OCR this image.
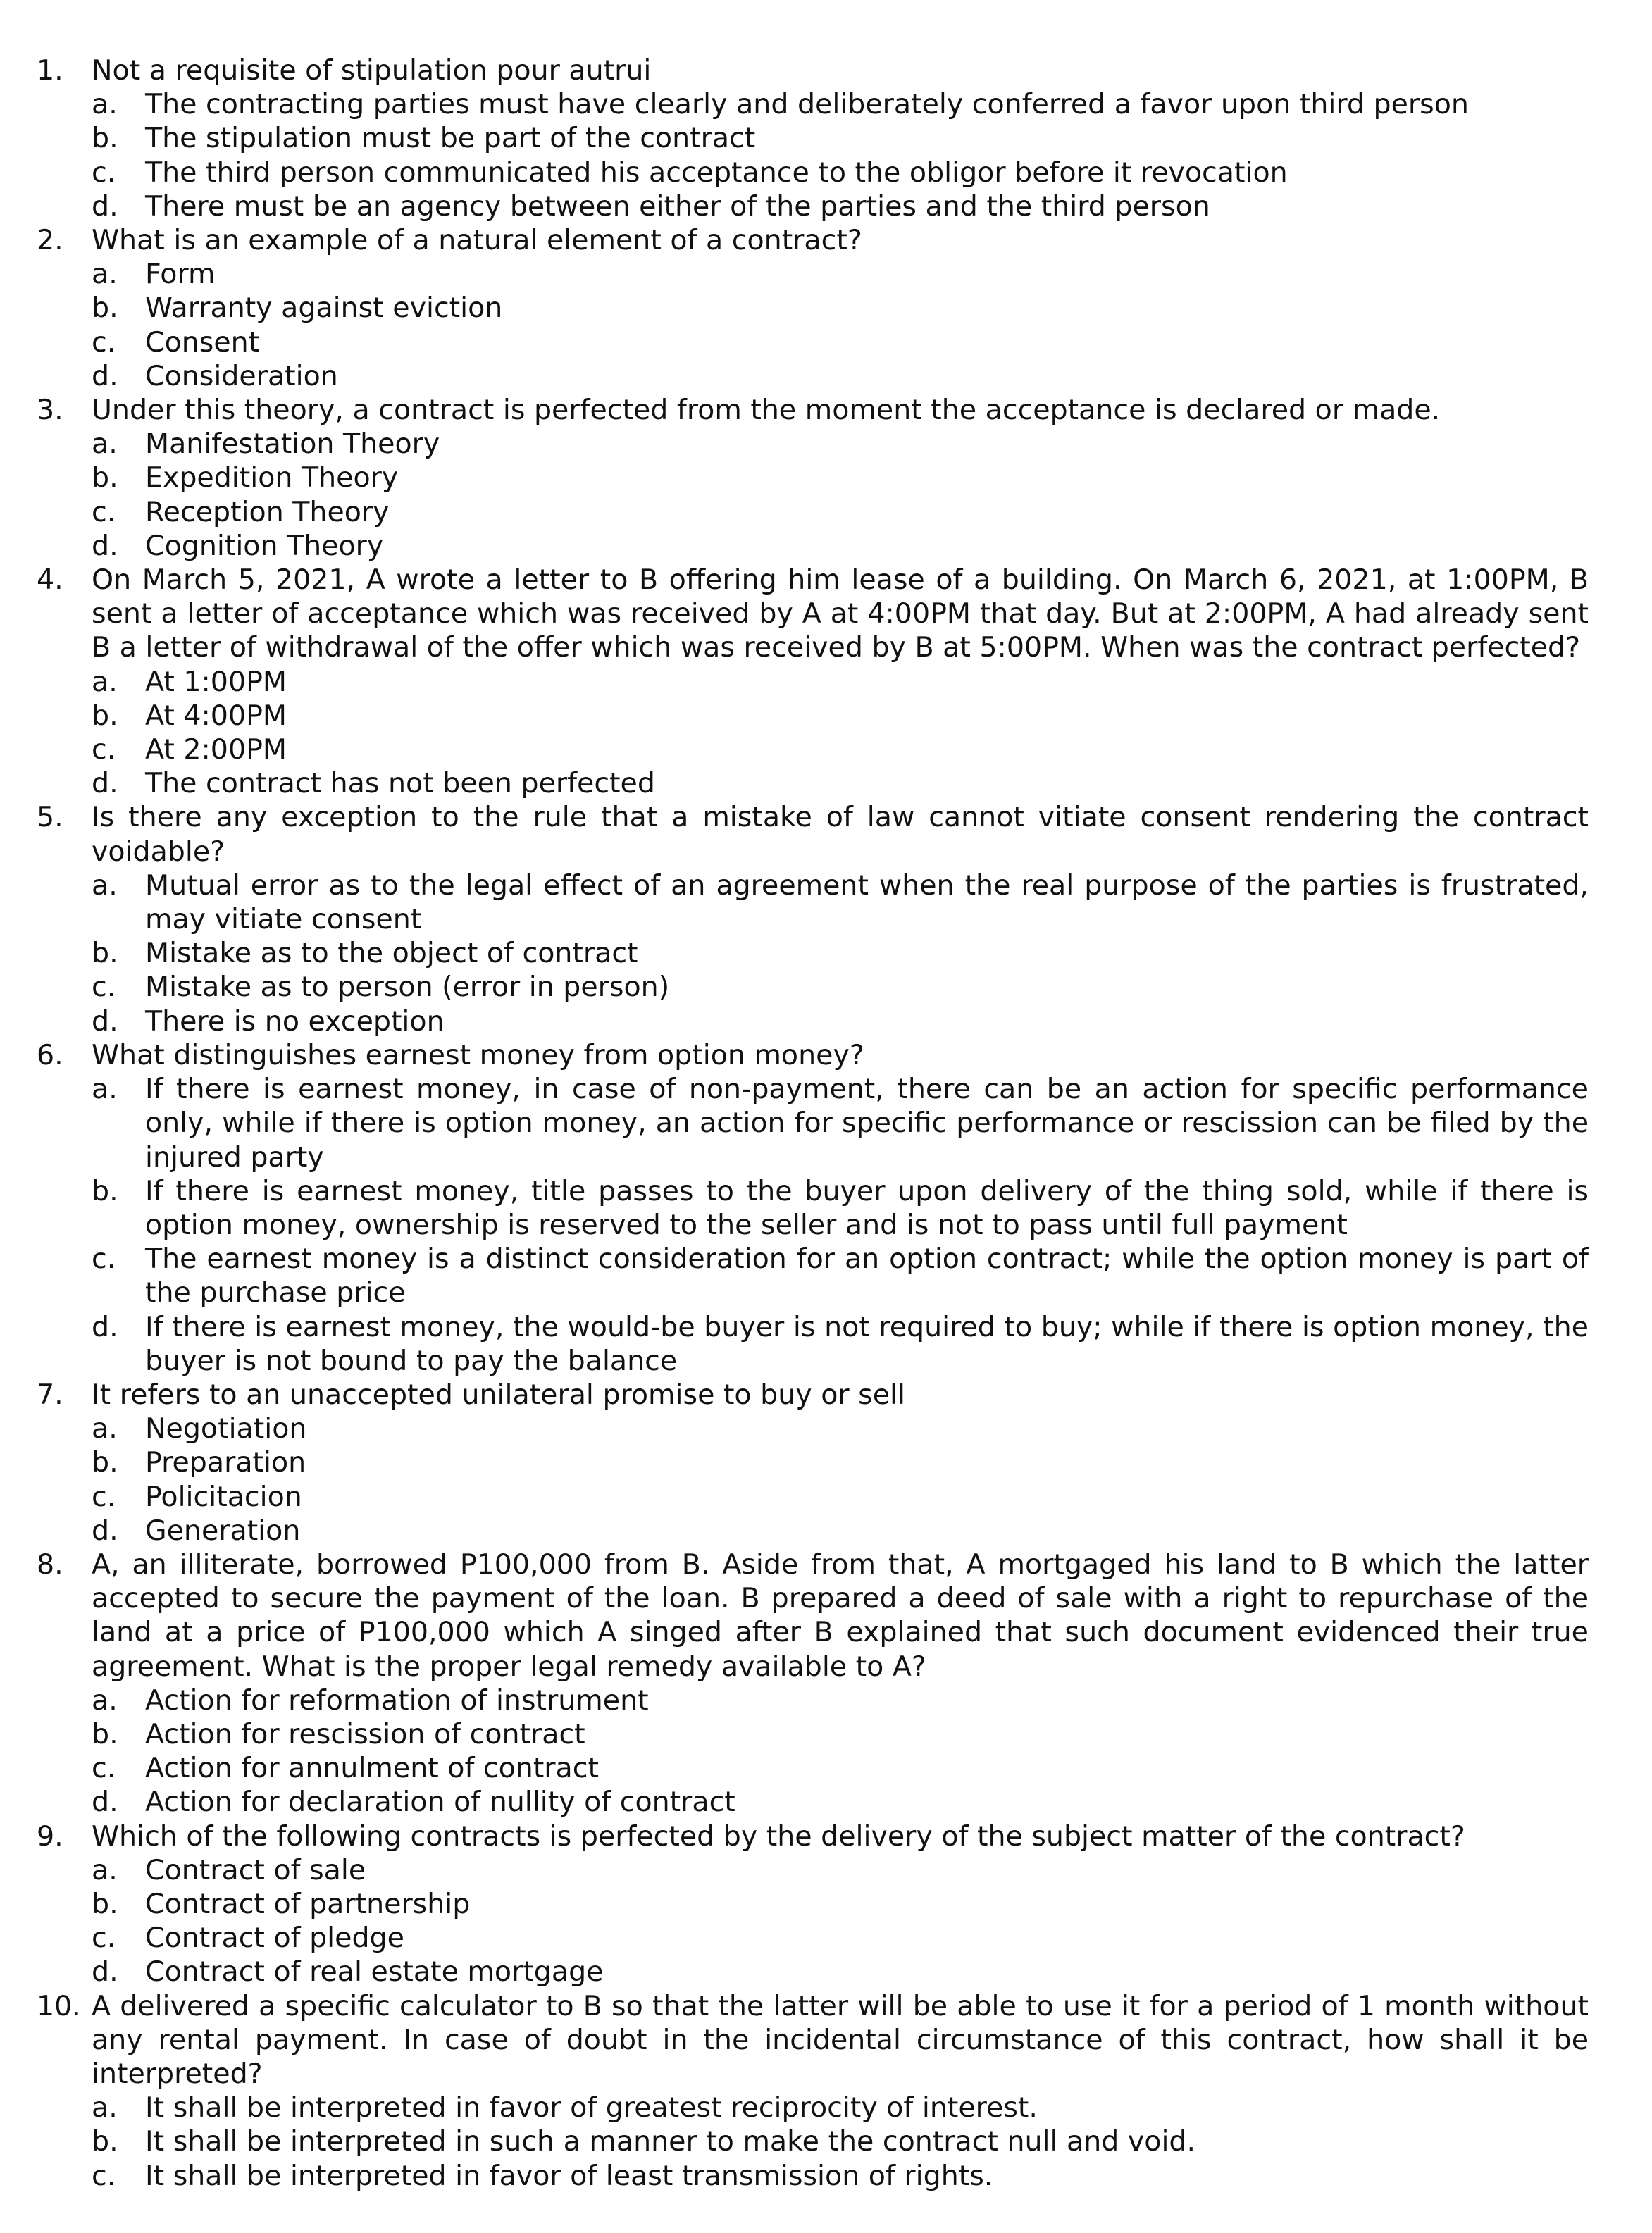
1.	Not a requisite of stipulation pour autrui
a. The contracting parties must have clearly and deliberately conferred a favor upon third person
b. The stipulation must be part of the contract
c.	The third person communicated his acceptance to the obligor before it revocation
d. There must be an agency between either of the parties and the third person
2.	What is an example of a natural element of a contract?
a. Form
b. Warranty against eviction
c.	Consent
d. Consideration
3.	Under this theory, a contract is perfected from the moment the acceptance is declared or made.
a. Manifestation Theory
b. Expedition Theory
c.	Reception Theory
d. Cognition Theory
4.	On March 5, 2021, A wrote a letter to B offering him lease of a building. On March 6, 2021, at 1:00PM, B sent a letter of acceptance which was received by A at 4:00PM that day. But at 2:00PM, A had already sent B a letter of withdrawal of the offer which was received by B at 5:00PM. When was the contract perfected?
a. At 1:00PM
b. At 4:00PM
c.	At 2:00PM
d. The contract has not been perfected
5.	Is there any exception to the rule that a mistake of law cannot vitiate consent rendering the contract voidable?
a. Mutual error as to the legal effect of an agreement when the real purpose of the parties is frustrated, may vitiate consent
b. Mistake as to the object of contract
c.	Mistake as to person (error in person)
d. There is no exception
6.	What distinguishes earnest money from option money?
a. If there is earnest money, in case of non-payment, there can be an action for specific performance only, while if there is option money, an action for specific performance or rescission can be filed by the injured party
b. If there is earnest money, title passes to the buyer upon delivery of the thing sold, while if there is option money, ownership is reserved to the seller and is not to pass until full payment
c.	The earnest money is a distinct consideration for an option contract; while the option money is part of the purchase price
d. If there is earnest money, the would-be buyer is not required to buy; while if there is option money, the buyer is not bound to pay the balance
7.	It refers to an unaccepted unilateral promise to buy or sell
a. Negotiation
b. Preparation
c.	Policitacion
d. Generation
8.	A, an illiterate, borrowed P100,000 from B. Aside from that, A mortgaged his land to B which the latter accepted to secure the payment of the loan. B prepared a deed of sale with a right to repurchase of the land at a price of P100,000 which A singed after B explained that such document evidenced their true agreement. What is the proper legal remedy available to A?
a. Action for reformation of instrument
b. Action for rescission of contract
c.	Action for annulment of contract
d. Action for declaration of nullity of contract
9.	Which of the following contracts is perfected by the delivery of the subject matter of the contract?
a. Contract of sale
b. Contract of partnership
c.	Contract of pledge
d. Contract of real estate mortgage
10. A delivered a specific calculator to B so that the latter will be able to use it for a period of 1 month without any rental payment. In case of doubt in the incidental circumstance of this contract, how shall it be interpreted?
a. It shall be interpreted in favor of greatest reciprocity of interest.
b. It shall be interpreted in such a manner to make the contract null and void.
c.	It shall be interpreted in favor of least transmission of rights.
